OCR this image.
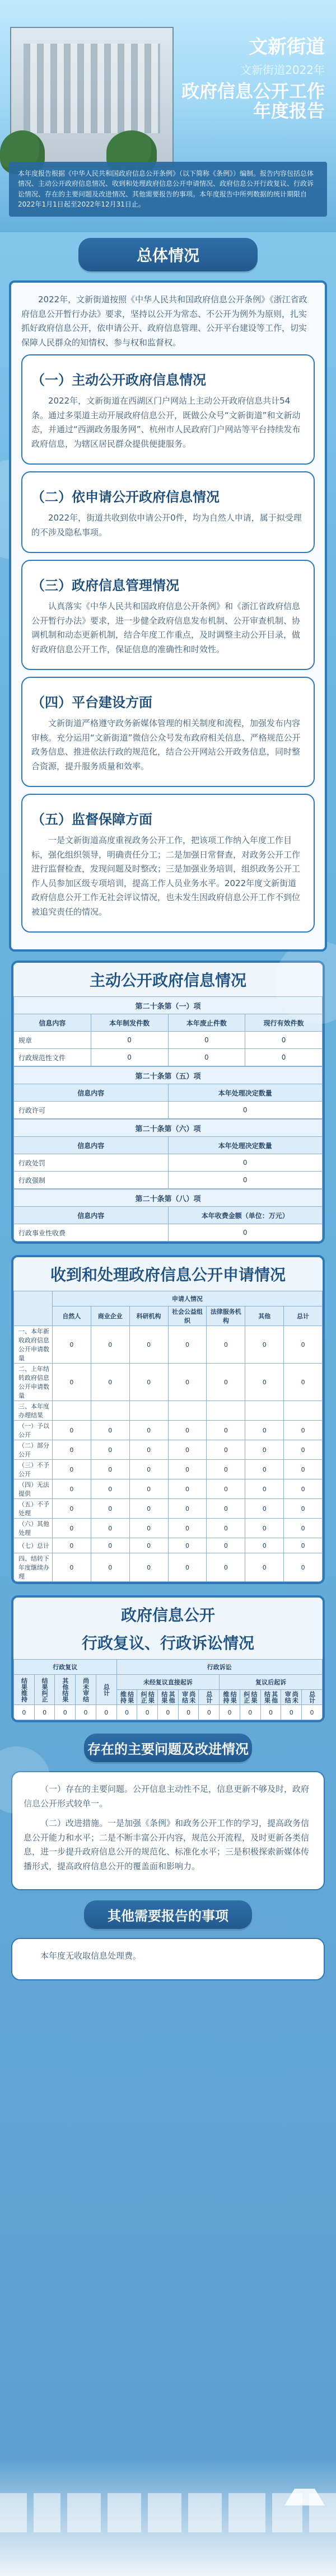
文新街道
文新街道2022年
政府信息公开工作
年度报告
本年度报告根据《中华人民共和国政府信息公开条例》（以下简称《条例》）编制。报告内容包括总体情况、主动公开政府信息情况、收到和处理政府信息公开申请情况、政府信息公开行政复议、行政诉讼情况、存在的主要问题及改进情况、其他需要报告的事项。本年度报告中所列数据的统计期限自2022年1月1日起至2022年12月31日止。
总体情况

2022年，文新街道按照《中华人民共和国政府信息公开条例》《浙江省政府信息公开暂行办法》要求，坚持以公开为常态、不公开为例外为原则，扎实抓好政府信息公开，依申请公开、政府信息管理、公开平台建设等工作，切实保障人民群众的知情权、参与权和监督权。

（一）主动公开政府信息情况

2022年，文新街道在西湖区门户网站上主动公开政府信息共计54条。通过多渠道主动开展政府信息公开，既做公众号“文新街道”和文新动态，并通过“西湖政务服务网”、杭州市人民政府门户网站等平台持续发布政府信息，为辖区居民群众提供便捷服务。

（二）依申请公开政府信息情况

2022年，街道共收到依申请公开0件，均为自然人申请，属于拟受理的不涉及隐私事项。

（三）政府信息管理情况

认真落实《中华人民共和国政府信息公开条例》和《浙江省政府信息公开暂行办法》要求，进一步健全政府信息发布机制、公开审查机制、协调机制和动态更新机制，结合年度工作重点，及时调整主动公开目录，做好政府信息公开工作，保证信息的准确性和时效性。

（四）平台建设方面

文新街道严格遵守政务新媒体管理的相关制度和流程，加强发布内容审核。充分运用“文新街道”微信公众号发布政府相关信息、严格规范公开政务信息、推进依法行政的规范化，结合公开网站公开政务信息，同时整合资源，提升服务质量和效率。

（五）监督保障方面

一是文新街道高度重视政务公开工作，把该项工作纳入年度工作目标，强化组织领导，明确责任分工；二是加强日常督查，对政务公开工作进行监督检查，发现问题及时整改；三是加强业务培训，组织政务公开工作人员参加区级专项培训，提高工作人员业务水平。2022年度文新街道政府信息公开工作无社会评议情况，也未发生因政府信息公开工作不到位被追究责任的情况。

主动公开政府信息情况
第二十条第（一）项			
信息内容	本年制发件数	本年废止件数	现行有效件数
规章	0	0	0
行政规范性文件	0	0	0
第二十条第（五）项	
信息内容	本年处理决定数量
行政许可	0
第二十条第（六）项	
信息内容	本年处理决定数量
行政处罚	0
行政强制	0
第二十条第（八）项	
信息内容	本年收费金额（单位：万元）
行政事业性收费	0
收到和处理政府信息公开申请情况
	申请人情况						
	自然人	商业企业	科研机构	社会公益组织	法律服务机构	其他	总计
一、本年新收政府信息公开申请数量	0	0	0	0	0	0	0
二、上年结转政府信息公开申请数量	0	0	0	0	0	0	0
三、本年度办理结果							
（一）予以公开	0	0	0	0	0	0	0
（二）部分公开	0	0	0	0	0	0	0
（三）不予公开	0	0	0	0	0	0	0
（四）无法提供	0	0	0	0	0	0	0
（五）不予处理	0	0	0	0	0	0	0
（六）其他处理	0	0	0	0	0	0	0
（七）总计	0	0	0	0	0	0	0
四、结转下年度继续办理	0	0	0	0	0	0	0
政府信息公开
行政复议、行政诉讼情况
行政复议					行政诉讼									
结果维持	结果纠正	其他结果	尚未审结	总计	未经复议直接起诉					复议后起诉				
					结果维持	结果纠正	其他结果	尚未审结	总计	结果维持	结果纠正	其他结果	尚未审结	总计
0	0	0	0	0	0	0	0	0	0	0	0	0	0	0
存在的主要问题及改进情况

（一）存在的主要问题。公开信息主动性不足，信息更新不够及时，政府信息公开形式较单一。

（二）改进措施。一是加强《条例》和政务公开工作的学习，提高政务信息公开能力和水平；二是不断丰富公开内容，规范公开流程，及时更新各类信息，进一步提升政府信息公开的规范化、标准化水平；三是积极探索新媒体传播形式，提高政府信息公开的覆盖面和影响力。

其他需要报告的事项

本年度无收取信息处理费。
